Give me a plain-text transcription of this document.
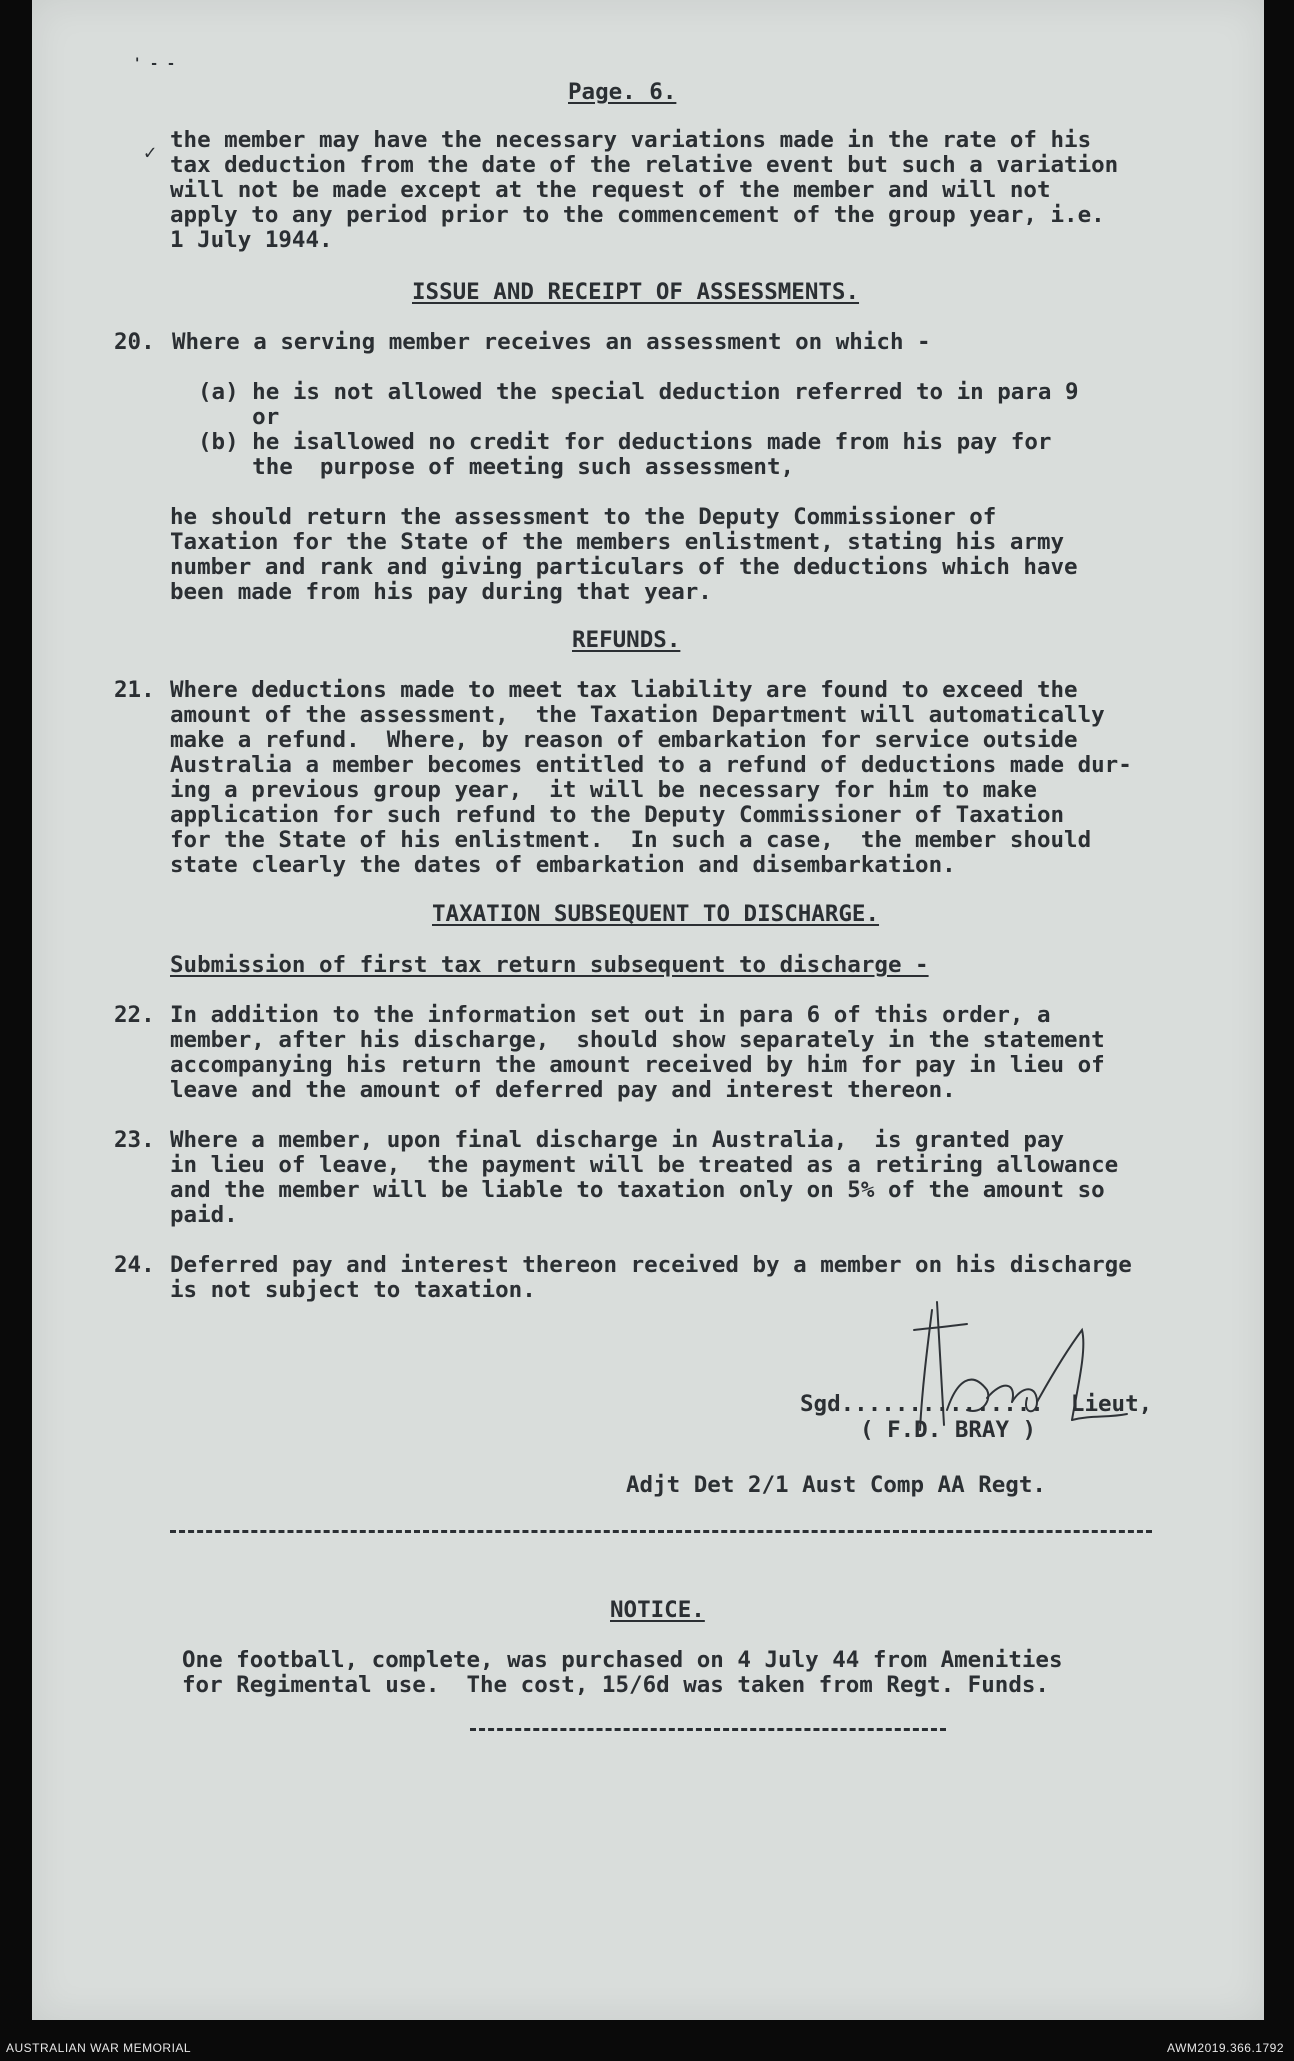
Page. 6.
' - -
✓ the member may have the necessary variations made in the rate of his
tax deduction from the date of the relative event but such a variation
will not be made except at the request of the member and will not
apply to any period prior to the commencement of the group year, i.e.
1 July 1944.
ISSUE AND RECEIPT OF ASSESSMENTS.
20. Where a serving member receives an assessment on which -
(a) he is not allowed the special deduction referred to in para 9
or
(b) he isallowed no credit for deductions made from his pay for
the  purpose of meeting such assessment,
he should return the assessment to the Deputy Commissioner of
Taxation for the State of the members enlistment, stating his army
number and rank and giving particulars of the deductions which have
been made from his pay during that year.
REFUNDS.
21. Where deductions made to meet tax liability are found to exceed the
amount of the assessment,  the Taxation Department will automatically
make a refund.  Where, by reason of embarkation for service outside
Australia a member becomes entitled to a refund of deductions made dur-
ing a previous group year,  it will be necessary for him to make
application for such refund to the Deputy Commissioner of Taxation
for the State of his enlistment.  In such a case,  the member should
state clearly the dates of embarkation and disembarkation.
TAXATION SUBSEQUENT TO DISCHARGE.
Submission of first tax return subsequent to discharge -
22. In addition to the information set out in para 6 of this order, a
member, after his discharge,  should show separately in the statement
accompanying his return the amount received by him for pay in lieu of
leave and the amount of deferred pay and interest thereon.
23. Where a member, upon final discharge in Australia,  is granted pay
in lieu of leave,  the payment will be treated as a retiring allowance
and the member will be liable to taxation only on 5% of the amount so
paid.
24. Deferred pay and interest thereon received by a member on his discharge
is not subject to taxation.
Sgd...............  Lieut,
( F.D. BRAY )
Adjt Det 2/1 Aust Comp AA Regt.
NOTICE.
One football, complete, was purchased on 4 July 44 from Amenities
for Regimental use.  The cost, 15/6d was taken from Regt. Funds.
AUSTRALIAN WAR MEMORIAL	AWM2019.366.1792
